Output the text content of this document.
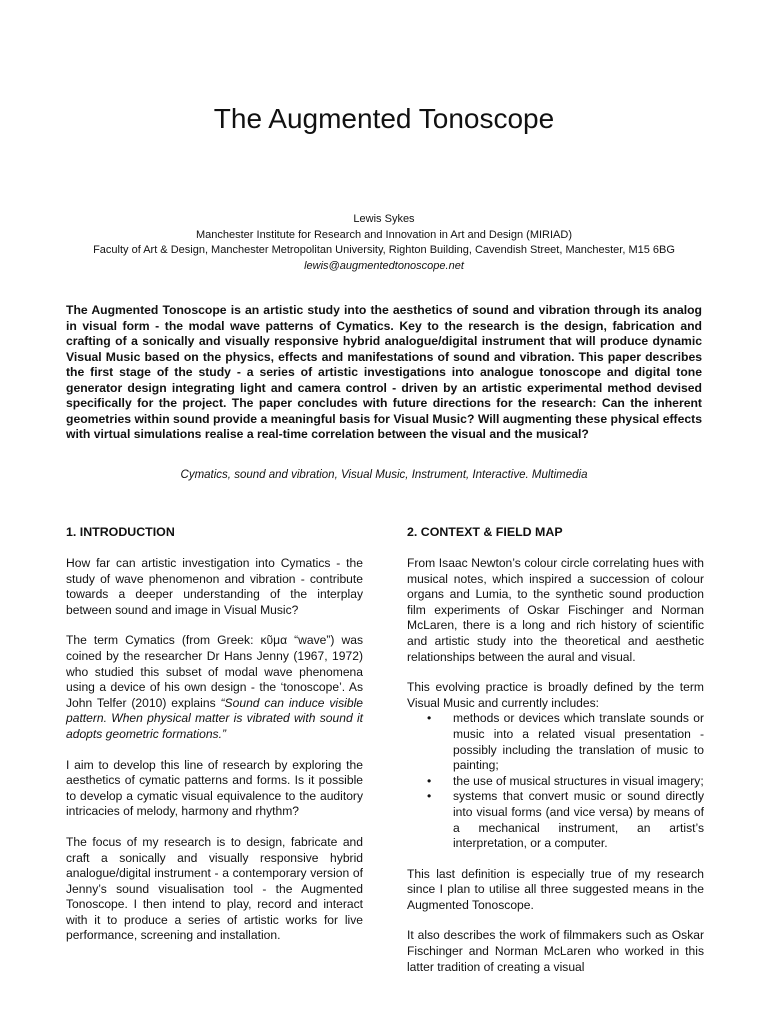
The Augmented Tonoscope
Lewis Sykes
Manchester Institute for Research and Innovation in Art and Design (MIRIAD)
Faculty of Art & Design, Manchester Metropolitan University, Righton Building, Cavendish Street, Manchester, M15 6BG
lewis@augmentedtonoscope.net

The Augmented Tonoscope is an artistic study into the aesthetics of sound and vibration through its analog in visual form - the modal wave patterns of Cymatics. Key to the research is the design, fabrication and crafting of a sonically and visually responsive hybrid analogue/digital instrument that will produce dynamic Visual Music based on the physics, effects and manifestations of sound and vibration. This paper describes the first stage of the study - a series of artistic investigations into analogue tonoscope and digital tone generator design integrating light and camera control - driven by an artistic experimental method devised specifically for the project. The paper concludes with future directions for the research: Can the inherent geometries within sound provide a meaningful basis for Visual Music? Will augmenting these physical effects with virtual simulations realise a real-time correlation between the visual and the musical?

Cymatics, sound and vibration, Visual Music, Instrument, Interactive. Multimedia
1. INTRODUCTION

How far can artistic investigation into Cymatics - the study of wave phenomenon and vibration - contribute towards a deeper understanding of the interplay between sound and image in Visual Music?

The term Cymatics (from Greek: κῦμα “wave”) was coined by the researcher Dr Hans Jenny (1967, 1972) who studied this subset of modal wave phenomena using a device of his own design - the ‘tonoscope’. As John Telfer (2010) explains “Sound can induce visible pattern. When physical matter is vibrated with sound it adopts geometric formations.”

I aim to develop this line of research by exploring the aesthetics of cymatic patterns and forms. Is it possible to develop a cymatic visual equivalence to the auditory intricacies of melody, harmony and rhythm?

The focus of my research is to design, fabricate and craft a sonically and visually responsive hybrid analogue/digital instrument - a contemporary version of Jenny’s sound visualisation tool - the Augmented Tonoscope. I then intend to play, record and interact with it to produce a series of artistic works for live performance, screening and installation.

2. CONTEXT & FIELD MAP

From Isaac Newton’s colour circle correlating hues with musical notes, which inspired a succession of colour organs and Lumia, to the synthetic sound production film experiments of Oskar Fischinger and Norman McLaren, there is a long and rich history of scientific and artistic study into the theoretical and aesthetic relationships between the aural and visual.

This evolving practice is broadly defined by the term Visual Music and currently includes:

• methods or devices which translate sounds or music into a related visual presentation - possibly including the translation of music to painting;
• the use of musical structures in visual imagery;
• systems that convert music or sound directly into visual forms (and vice versa) by means of a mechanical instrument, an artist’s interpretation, or a computer.

This last definition is especially true of my research since I plan to utilise all three suggested means in the Augmented Tonoscope.

It also describes the work of filmmakers such as Oskar Fischinger and Norman McLaren who worked in this latter tradition of creating a visual
